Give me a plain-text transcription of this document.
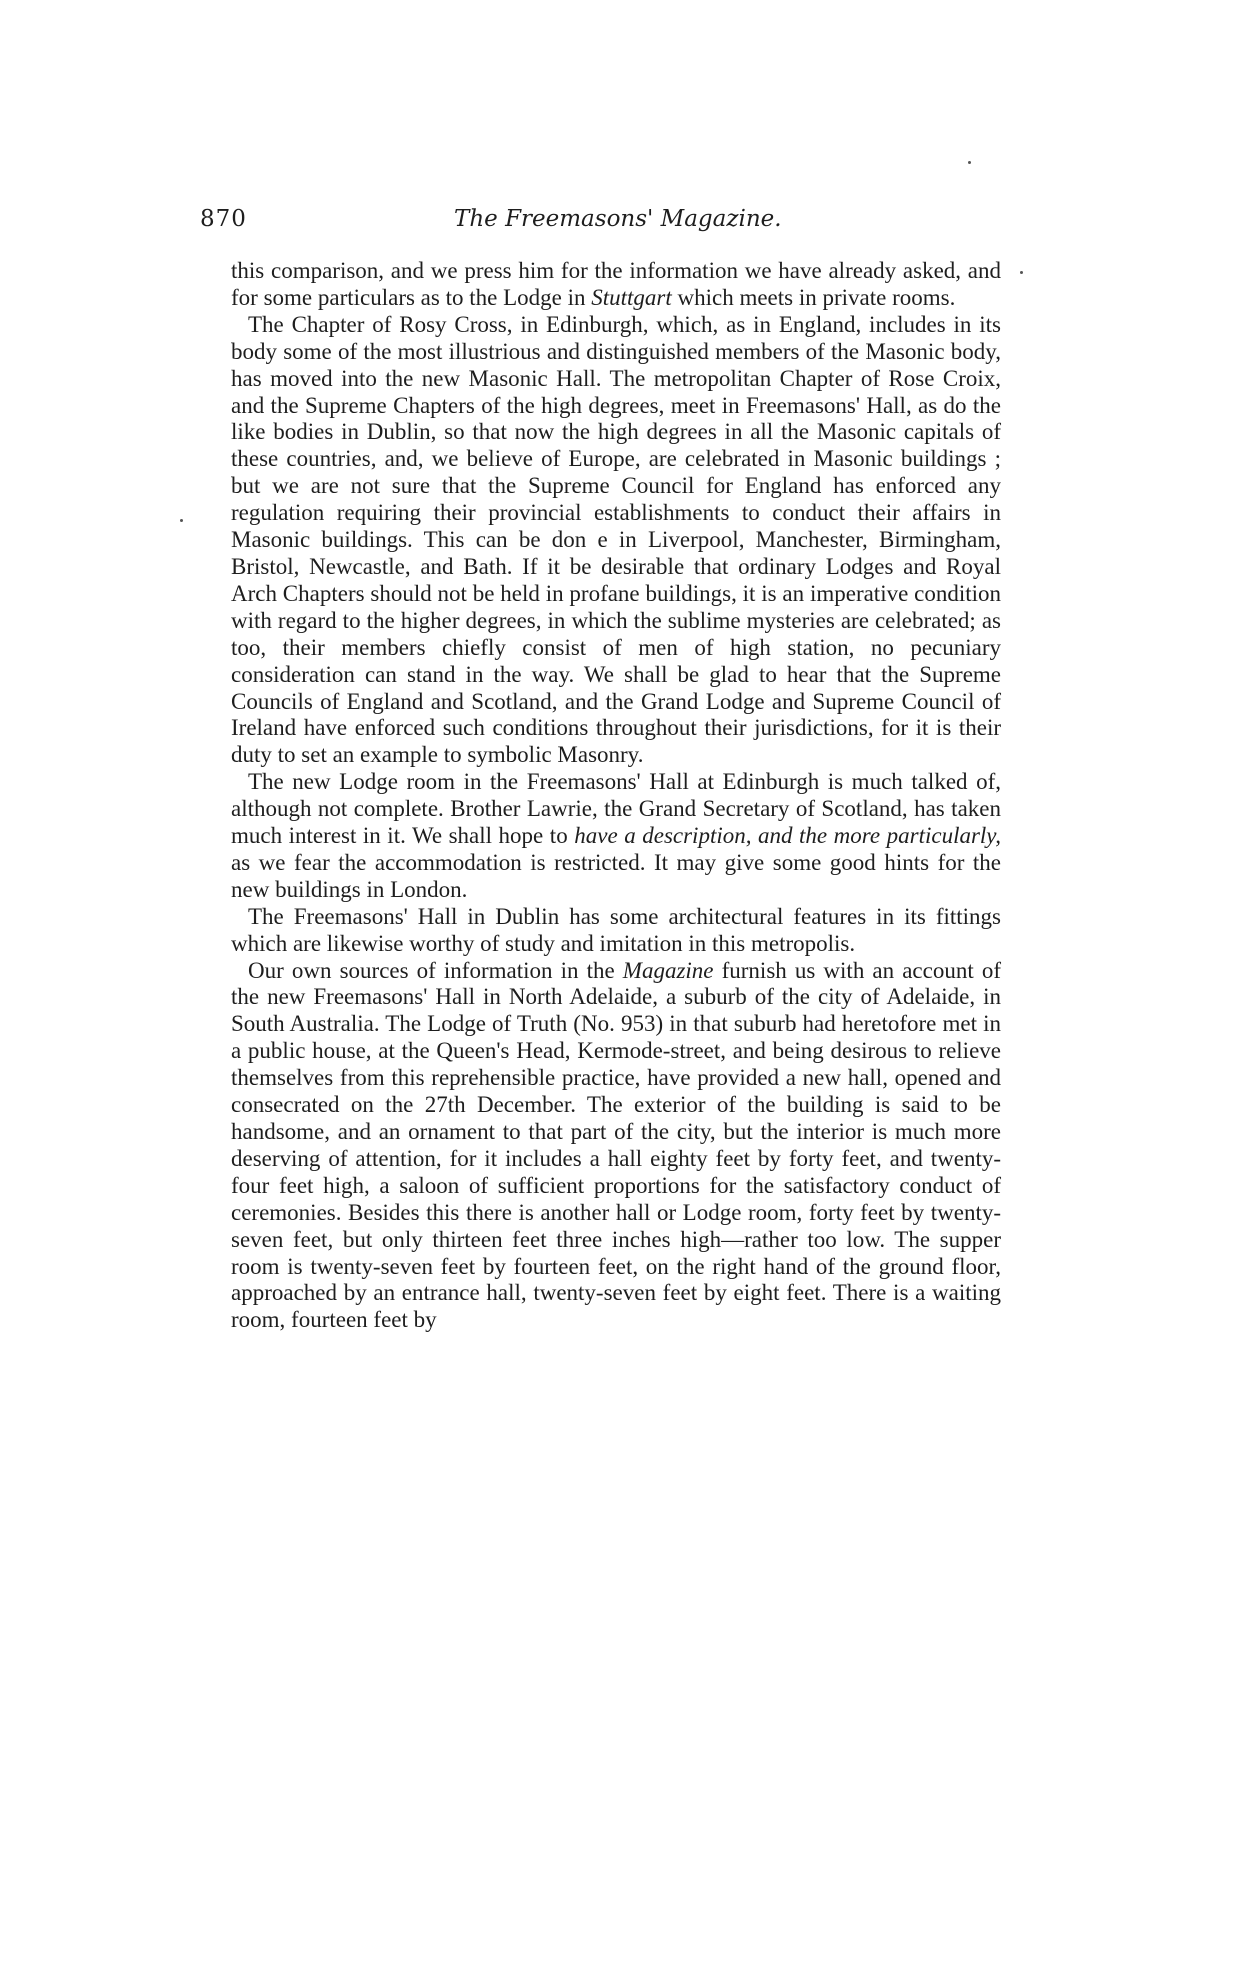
870	The Freemasons' Magazine.

this comparison, and we press him for the information we have already asked, and for some particulars as to the Lodge in Stuttgart which meets in private rooms.

The Chapter of Rosy Cross, in Edinburgh, which, as in England, includes in its body some of the most illustrious and distinguished members of the Masonic body, has moved into the new Masonic Hall. The metropolitan Chapter of Rose Croix, and the Supreme Chapters of the high degrees, meet in Freemasons' Hall, as do the like bodies in Dublin, so that now the high degrees in all the Masonic capitals of these countries, and, we believe of Europe, are celebrated in Masonic buildings ; but we are not sure that the Supreme Council for England has enforced any regulation requiring their provincial establishments to conduct their affairs in Masonic buildings. This can be don e in Liverpool, Manchester, Birmingham, Bristol, Newcastle, and Bath. If it be desirable that ordinary Lodges and Royal Arch Chapters should not be held in profane buildings, it is an imperative condition with regard to the higher degrees, in which the sublime mysteries are celebrated; as too, their members chiefly consist of men of high station, no pecuniary consideration can stand in the way. We shall be glad to hear that the Supreme Councils of England and Scotland, and the Grand Lodge and Supreme Council of Ireland have enforced such conditions throughout their jurisdictions, for it is their duty to set an example to symbolic Masonry.

The new Lodge room in the Freemasons' Hall at Edinburgh is much talked of, although not complete. Brother Lawrie, the Grand Secretary of Scotland, has taken much interest in it. We shall hope to have a description, and the more particularly, as we fear the accommodation is restricted. It may give some good hints for the new buildings in London.

The Freemasons' Hall in Dublin has some architectural features in its fittings which are likewise worthy of study and imitation in this metropolis.

Our own sources of information in the Magazine furnish us with an account of the new Freemasons' Hall in North Adelaide, a suburb of the city of Adelaide, in South Australia. The Lodge of Truth (No. 953) in that suburb had heretofore met in a public house, at the Queen's Head, Kermode-street, and being desirous to relieve themselves from this reprehensible practice, have provided a new hall, opened and consecrated on the 27th December. The exterior of the building is said to be handsome, and an ornament to that part of the city, but the interior is much more deserving of attention, for it includes a hall eighty feet by forty feet, and twenty-four feet high, a saloon of sufficient proportions for the satisfactory conduct of ceremonies. Besides this there is another hall or Lodge room, forty feet by twenty-seven feet, but only thirteen feet three inches high—rather too low. The supper room is twenty-seven feet by fourteen feet, on the right hand of the ground floor, approached by an entrance hall, twenty-seven feet by eight feet. There is a waiting room, fourteen feet by
